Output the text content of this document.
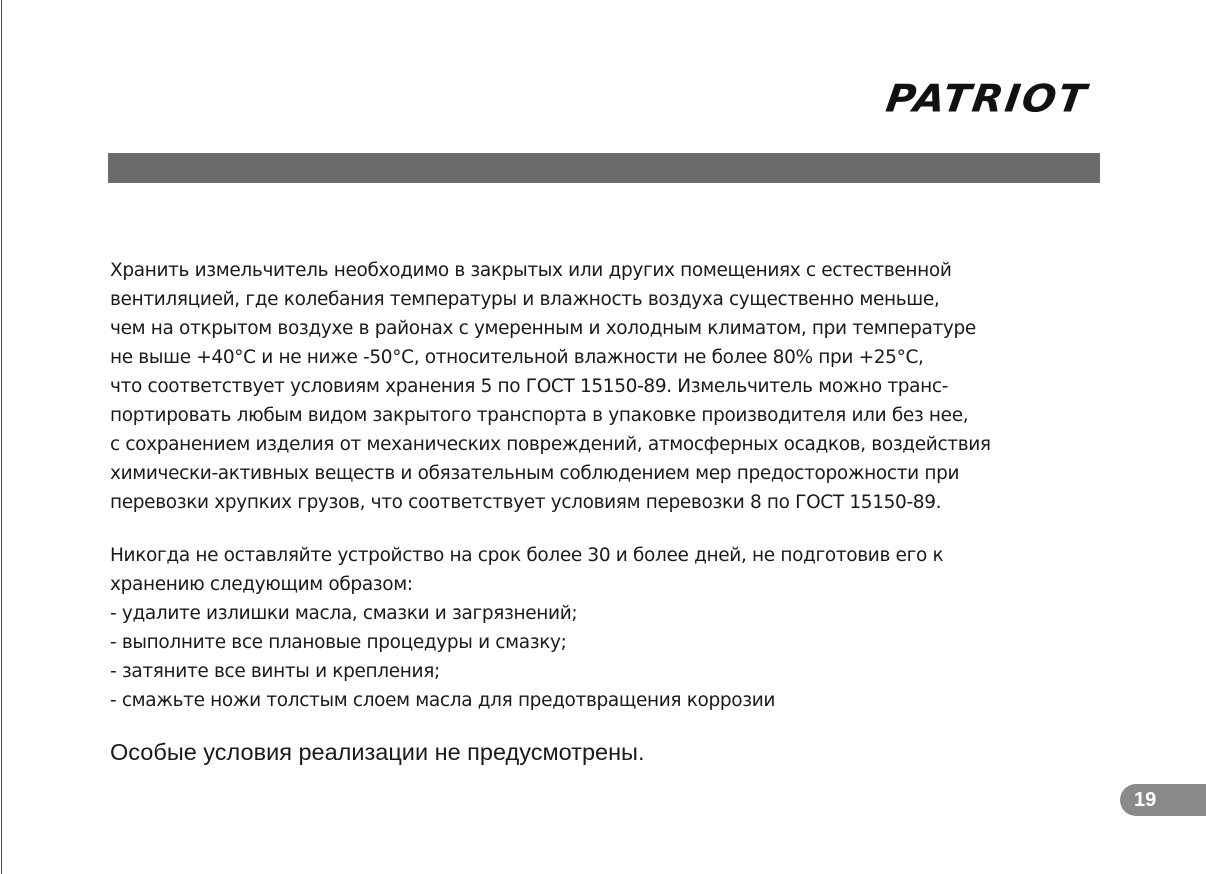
PATRIOT
Хранить измельчитель необходимо в закрытых или других помещениях с естественной
вентиляцией, где колебания температуры и влажность воздуха существенно меньше,
чем на открытом воздухе в районах с умеренным и холодным климатом, при температуре
не выше +40°С и не ниже -50°С, относительной влажности не более 80% при +25°С,
что соответствует условиям хранения 5 по ГОСТ 15150-89. Измельчитель можно транс-
портировать любым видом закрытого транспорта в упаковке производителя или без нее,
с сохранением изделия от механических повреждений, атмосферных осадков, воздействия
химически-активных веществ и обязательным соблюдением мер предосторожности при
перевозки хрупких грузов, что соответствует условиям перевозки 8 по ГОСТ 15150-89.
Никогда не оставляйте устройство на срок более 30 и более дней, не подготовив его к
хранению следующим образом:
- удалите излишки масла, смазки и загрязнений;
- выполните все плановые процедуры и смазку;
- затяните все винты и крепления;
- смажьте ножи толстым слоем масла для предотвращения коррозии

Особые условия реализации не предусмотрены.

19
